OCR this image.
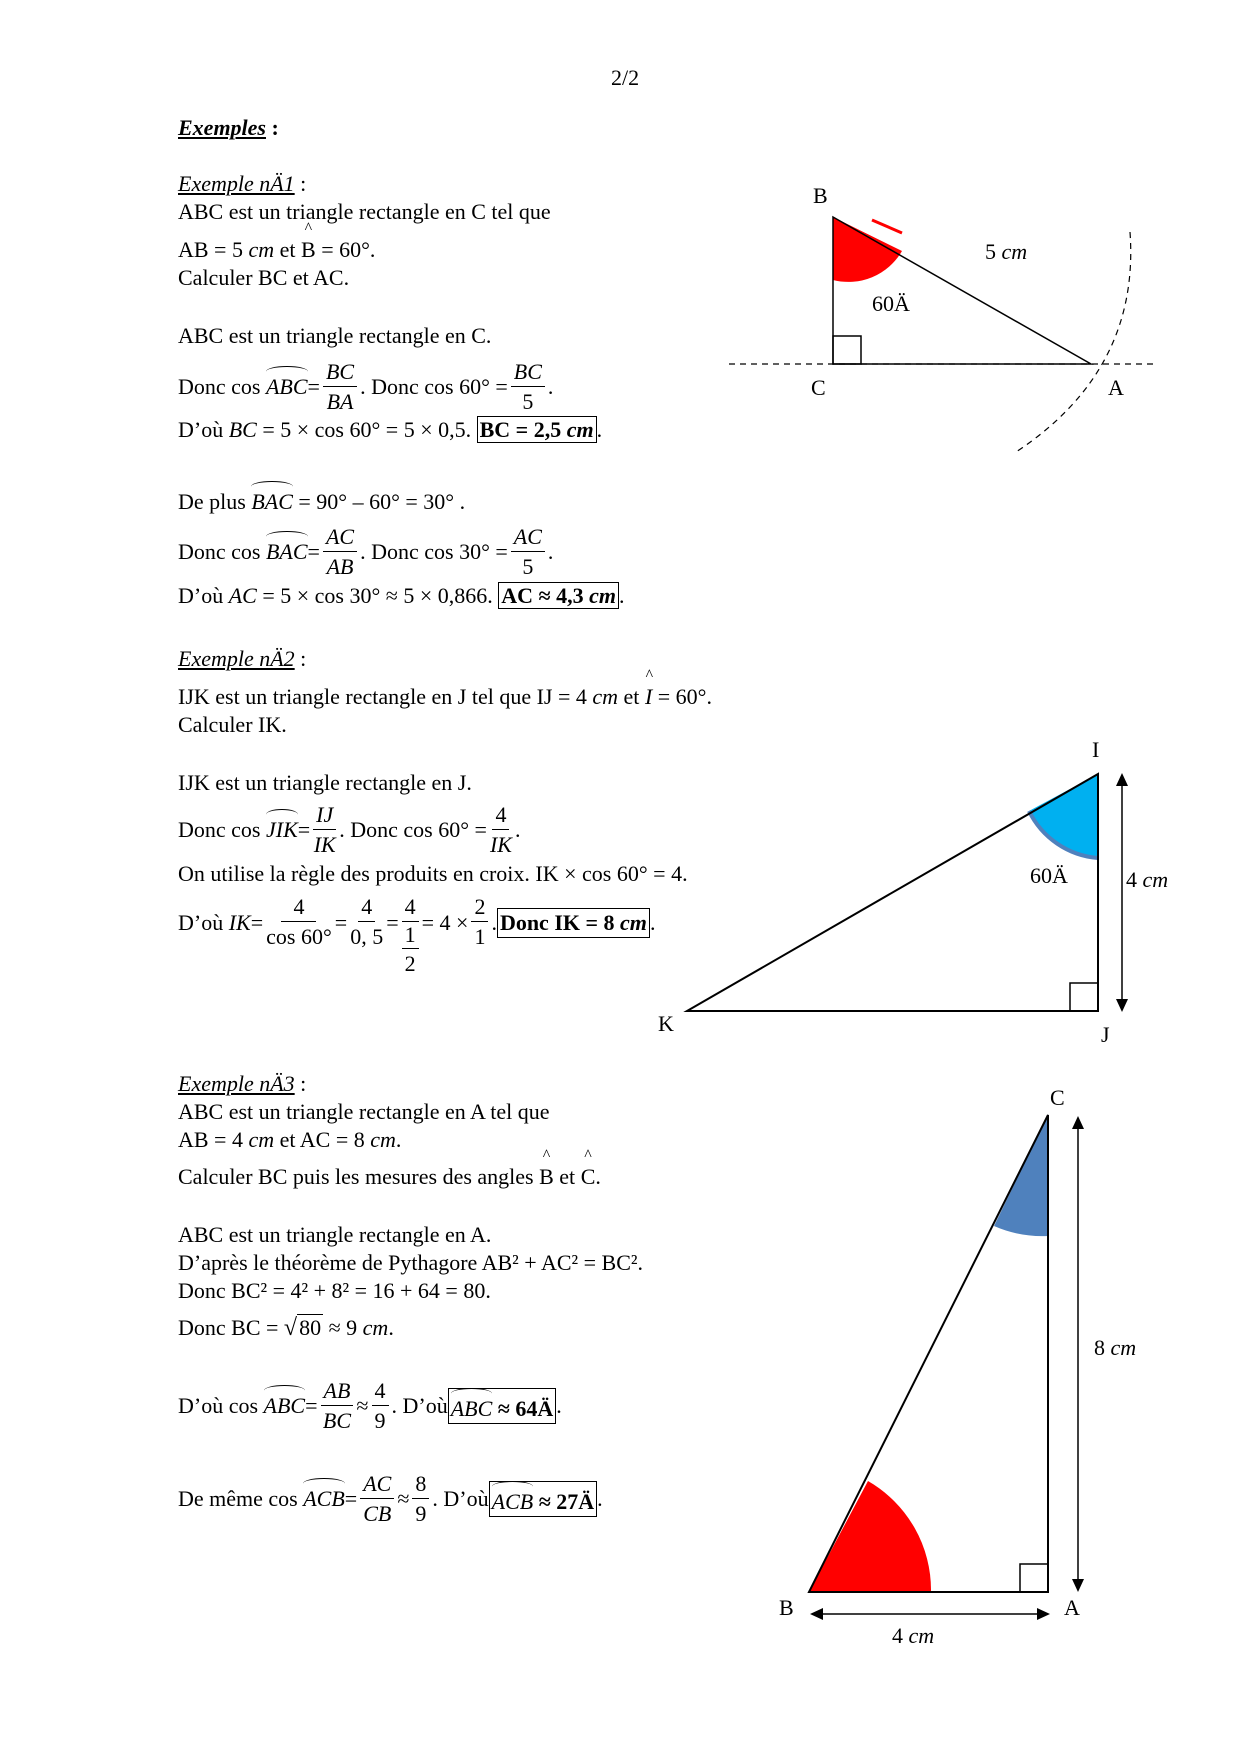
2/2
Exemples :
Exemple nÄ1 :
ABC est un triangle rectangle en C tel que
AB = 5 cm et
^
B = 60°.
Calculer BC et AC.
ABC est un triangle rectangle en C.
Donc cos
ABC = $\frac{BC}{BA}$ . Donc $\cos 60^\circ = \frac{BC}{5}$ .
D’où BC = 5 × cos 60° = 5 × 0,5. BC = 2,5 cm .
De plus
BAC = 90° – 60° = 30° .
Donc cos
BAC = $\frac{AC}{AB}$ . Donc $\cos 30^\circ = \frac{AC}{5}$ .
D’où AC = 5 × cos 30° ≈ 5 × 0,866. AC ≈ 4,3 cm .
Exemple nÄ2 :
IJK est un triangle rectangle en J tel que IJ = 4 cm et
^
I = 60°.
Calculer IK.
IJK est un triangle rectangle en J.
Donc cos
JIK = $\frac{IJ}{IK}$ . Donc $\cos 60^\circ = \frac{4}{IK}$ .
On utilise la règle des produits en croix. IK × cos 60° = 4.
D’où
IK = $\frac{4}{\cos 60^\circ} = \frac{4}{0, 5} = \frac{4}{\frac{1}{2}} = 4 \times \frac{2}{1}$ . Donc IK = 8 cm .
Exemple nÄ3 :
ABC est un triangle rectangle en A tel que
AB = 4 cm et AC = 8 cm.
Calculer BC puis les mesures des angles
^
B et
^
C.
ABC est un triangle rectangle en A.
D’après le théorème de Pythagore AB² + AC² = BC².
Donc BC² = 4² + 8² = 16 + 64 = 80.
Donc BC = √80 ≈ 9 cm.
D’où cos
ABC = $\frac{AB}{BC} \approx \frac{4}{9}$ . D’où ABC ≈ 64Ä .
De même cos
ACB = $\frac{AC}{CB} \approx \frac{8}{9}$ . D’où ACB ≈ 27Ä .
B
C	A
60Ä
5 cm
I
J
K
60Ä	4 cm
C
B	A
8 cm
4 cm
